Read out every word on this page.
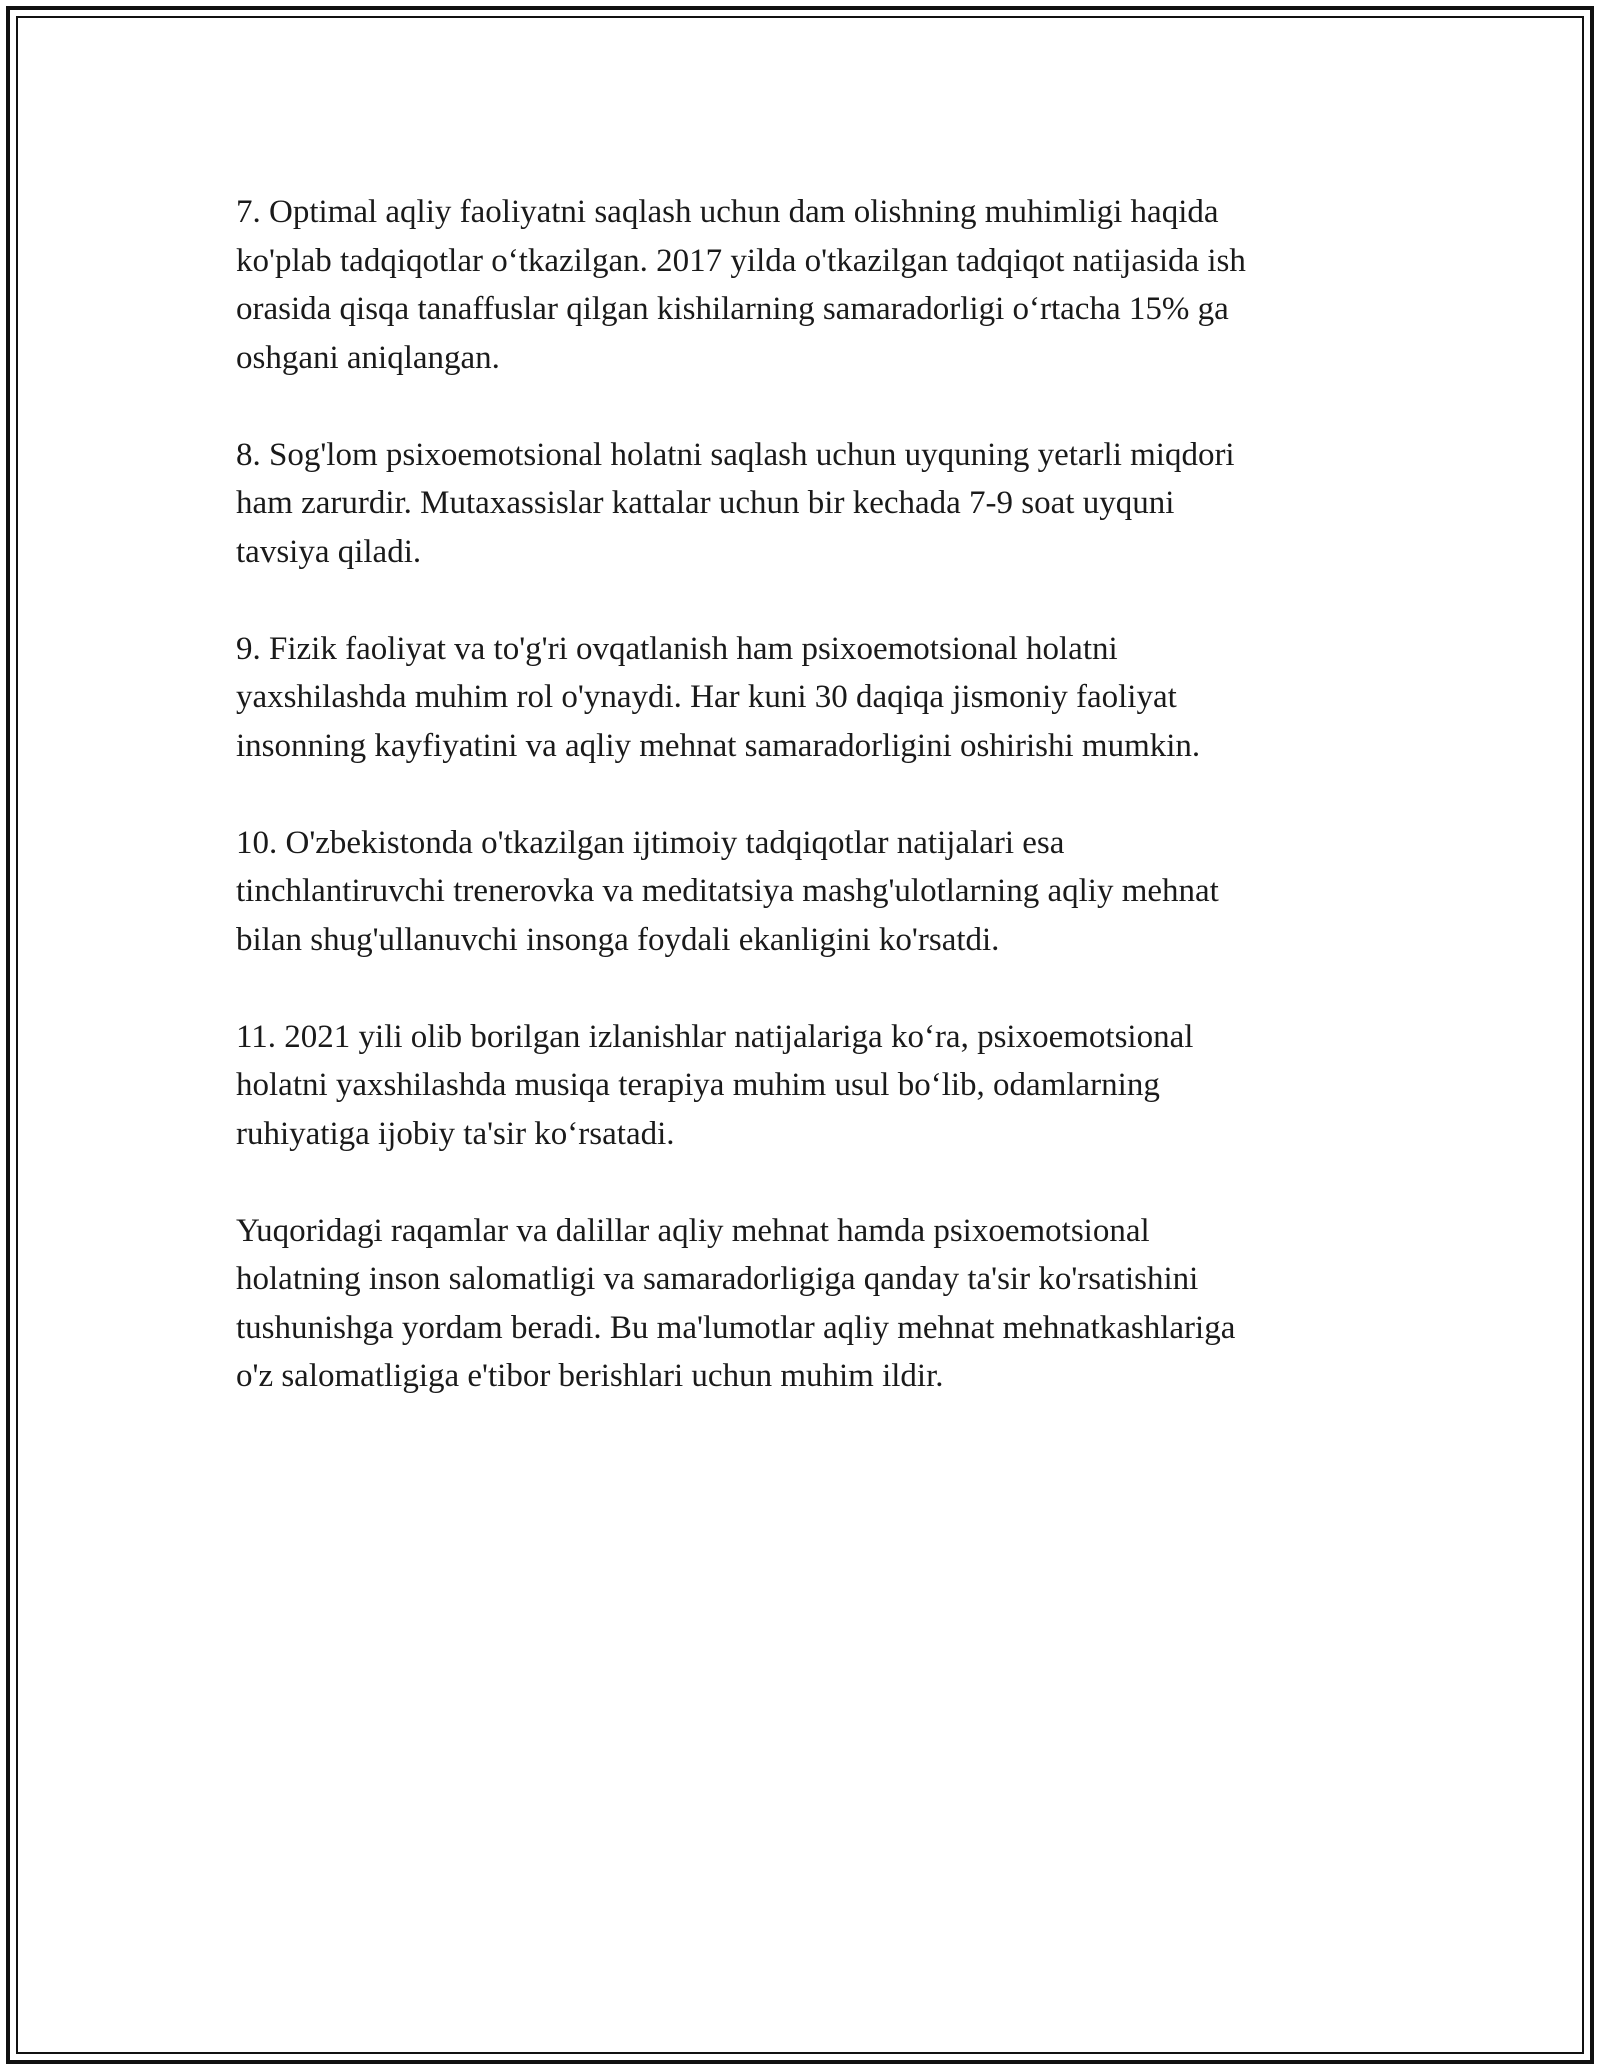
7. Optimal aqliy faoliyatni saqlash uchun dam olishning muhimligi haqida
ko'plab tadqiqotlar o‘tkazilgan. 2017 yilda o'tkazilgan tadqiqot natijasida ish
orasida qisqa tanaffuslar qilgan kishilarning samaradorligi o‘rtacha 15% ga
oshgani aniqlangan.

8. Sog'lom psixoemotsional holatni saqlash uchun uyquning yetarli miqdori
ham zarurdir. Mutaxassislar kattalar uchun bir kechada 7-9 soat uyquni
tavsiya qiladi.

9. Fizik faoliyat va to'g'ri ovqatlanish ham psixoemotsional holatni
yaxshilashda muhim rol o'ynaydi. Har kuni 30 daqiqa jismoniy faoliyat
insonning kayfiyatini va aqliy mehnat samaradorligini oshirishi mumkin.

10. O'zbekistonda o'tkazilgan ijtimoiy tadqiqotlar natijalari esa
tinchlantiruvchi trenerovka va meditatsiya mashg'ulotlarning aqliy mehnat
bilan shug'ullanuvchi insonga foydali ekanligini ko'rsatdi.

11. 2021 yili olib borilgan izlanishlar natijalariga ko‘ra, psixoemotsional
holatni yaxshilashda musiqa terapiya muhim usul bo‘lib, odamlarning
ruhiyatiga ijobiy ta'sir ko‘rsatadi.

Yuqoridagi raqamlar va dalillar aqliy mehnat hamda psixoemotsional
holatning inson salomatligi va samaradorligiga qanday ta'sir ko'rsatishini
tushunishga yordam beradi. Bu ma'lumotlar aqliy mehnat mehnatkashlariga
o'z salomatligiga e'tibor berishlari uchun muhim ildir.
